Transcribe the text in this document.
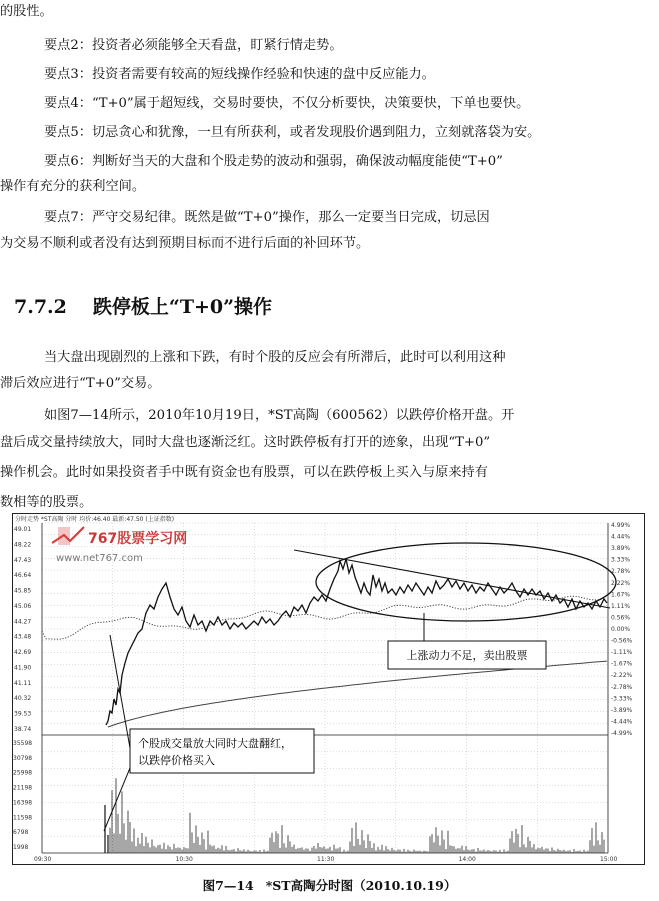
的股性。
要点2：投资者必须能够全天看盘，盯紧行情走势。
要点3：投资者需要有较高的短线操作经验和快速的盘中反应能力。
要点4：“T+0”属于超短线，交易时要快，不仅分析要快，决策要快，下单也要快。
要点5：切忌贪心和犹豫，一旦有所获利，或者发现股价遇到阻力，立刻就落袋为安。
要点6：判断好当天的大盘和个股走势的波动和强弱，确保波动幅度能使“T+0”
操作有充分的获利空间。
要点7：严守交易纪律。既然是做“T+0”操作，那么一定要当日完成，切忌因
为交易不顺利或者没有达到预期目标而不进行后面的补回环节。
当大盘出现剧烈的上涨和下跌，有时个股的反应会有所滞后，此时可以利用这种
滞后效应进行“T+0”交易。
如图7—14所示，2010年10月19日，*ST高陶（600562）以跌停价格开盘。开
盘后成交量持续放大，同时大盘也逐渐泛红。这时跌停板有打开的迹象，出现“T+0”
操作机会。此时如果投资者手中既有资金也有股票，可以在跌停板上买入与原来持有
数相等的股票。
7.7.2 跌停板上“T+0”操作
分时走势 *ST高陶 分时 均价:46.40 最新:47.50 (上证指数)
767股票学习网
www.net767.com
49.01
48.22
47.43
46.64
45.85
45.06
44.27
43.48
42.69
41.90
41.11
40.32
39.53
38.74
4.99%
4.44%
3.89%
3.33%
2.78%
2.22%
1.67%
1.11%
0.56%
0.00%
-0.56%
-1.11%
-1.67%
-2.22%
-2.78%
-3.33%
-3.89%
-4.44%
-4.99%
35598
30798
25998
21198
16398
11598
6798
1998
09:30	10:30	11:30	14:00	15:00
上涨动力不足，卖出股票
个股成交量放大同时大盘翻红，
以跌停价格买入
图7—14 *ST高陶分时图（2010.10.19）
